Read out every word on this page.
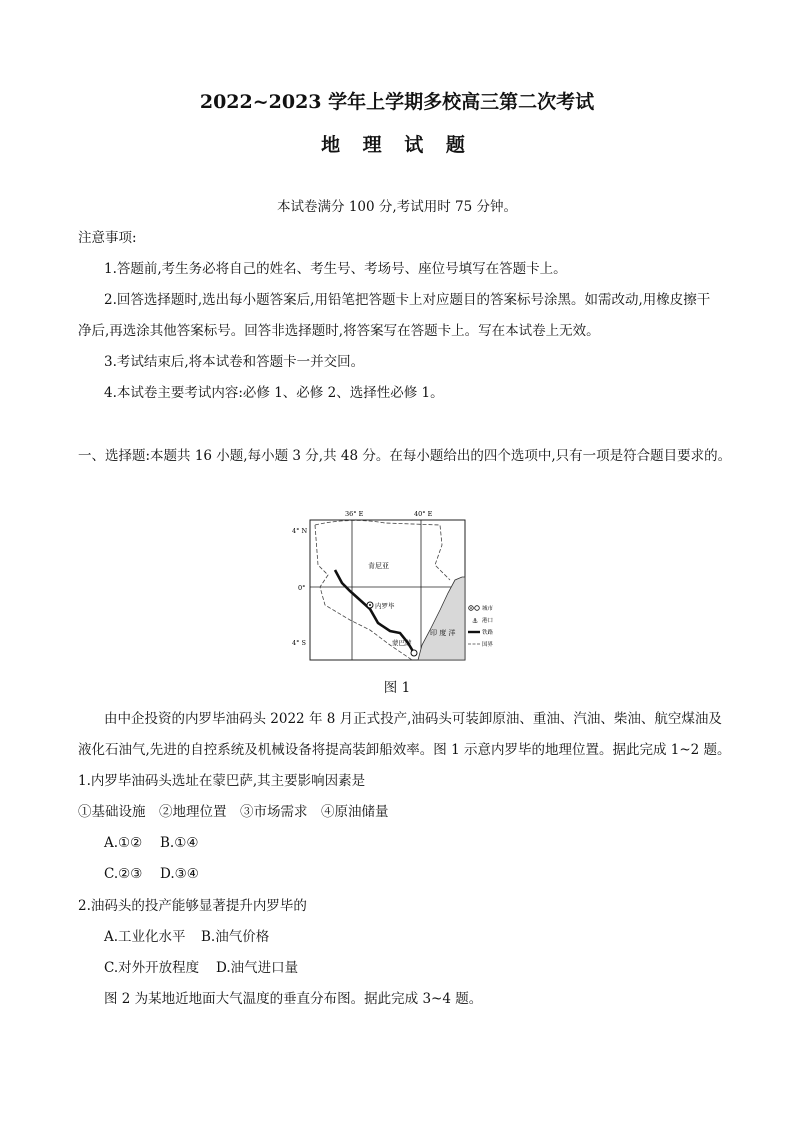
2022~2023 学年上学期多校高三第二次考试
地 理 试 题
本试卷满分 100 分,考试用时 75 分钟。
注意事项:
1.答题前,考生务必将自己的姓名、考生号、考场号、座位号填写在答题卡上。
2.回答选择题时,选出每小题答案后,用铅笔把答题卡上对应题目的答案标号涂黑。如需改动,用橡皮擦干
净后,再选涂其他答案标号。回答非选择题时,将答案写在答题卡上。写在本试卷上无效。
3.考试结束后,将本试卷和答题卡一并交回。
4.本试卷主要考试内容:必修 1、必修 2、选择性必修 1。
一、选择题:本题共 16 小题,每小题 3 分,共 48 分。在每小题给出的四个选项中,只有一项是符合题目要求的。
36° E	40° E
4° N
0°
4° S
肯尼亚
内罗毕
蒙巴萨
印 度 洋
城市
⚓ 港口
铁路
国界
图 1
由中企投资的内罗毕油码头 2022 年 8 月正式投产,油码头可装卸原油、重油、汽油、柴油、航空煤油及
液化石油气,先进的自控系统及机械设备将提高装卸船效率。图 1 示意内罗毕的地理位置。据此完成 1~2 题。
1.内罗毕油码头选址在蒙巴萨,其主要影响因素是
①基础设施　②地理位置　③市场需求　④原油储量
A.①② B.①④
C.②③ D.③④
2.油码头的投产能够显著提升内罗毕的
A.工业化水平 B.油气价格
C.对外开放程度 D.油气进口量
图 2 为某地近地面大气温度的垂直分布图。据此完成 3~4 题。
